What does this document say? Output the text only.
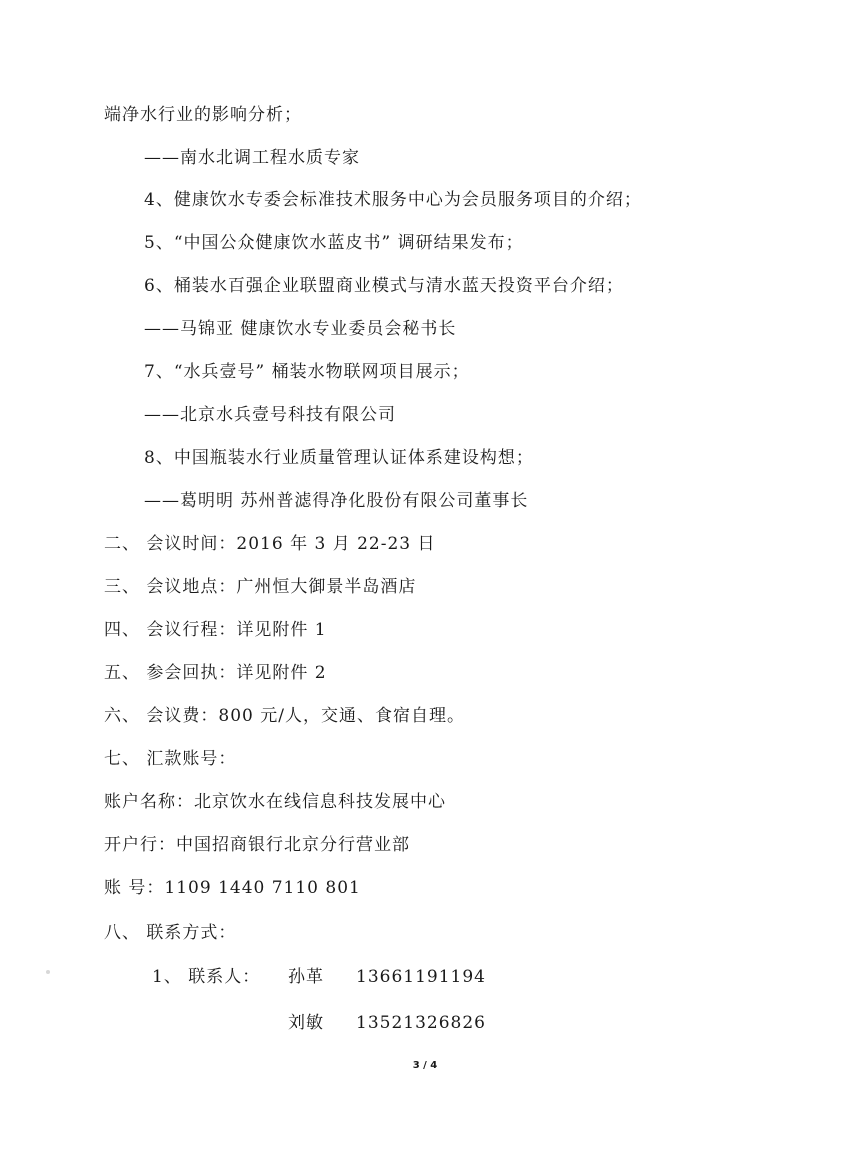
端净水行业的影响分析；
——南水北调工程水质专家
4、健康饮水专委会标准技术服务中心为会员服务项目的介绍；
5、“中国公众健康饮水蓝皮书” 调研结果发布；
6、桶装水百强企业联盟商业模式与清水蓝天投资平台介绍；
——马锦亚 健康饮水专业委员会秘书长
7、“水兵壹号” 桶装水物联网项目展示；
——北京水兵壹号科技有限公司
8、中国瓶装水行业质量管理认证体系建设构想；
——葛明明 苏州普滤得净化股份有限公司董事长
二、 会议时间：2016 年 3 月 22-23 日
三、 会议地点：广州恒大御景半岛酒店
四、 会议行程：详见附件 1
五、 参会回执：详见附件 2
六、 会议费：800 元/人，交通、食宿自理。
七、 汇款账号：
账户名称：北京饮水在线信息科技发展中心
开户行：中国招商银行北京分行营业部
账 号：1109 1440 7110 801
八、 联系方式：
1、 联系人： 孙革 13661191194
刘敏 13521326826
3 / 4
